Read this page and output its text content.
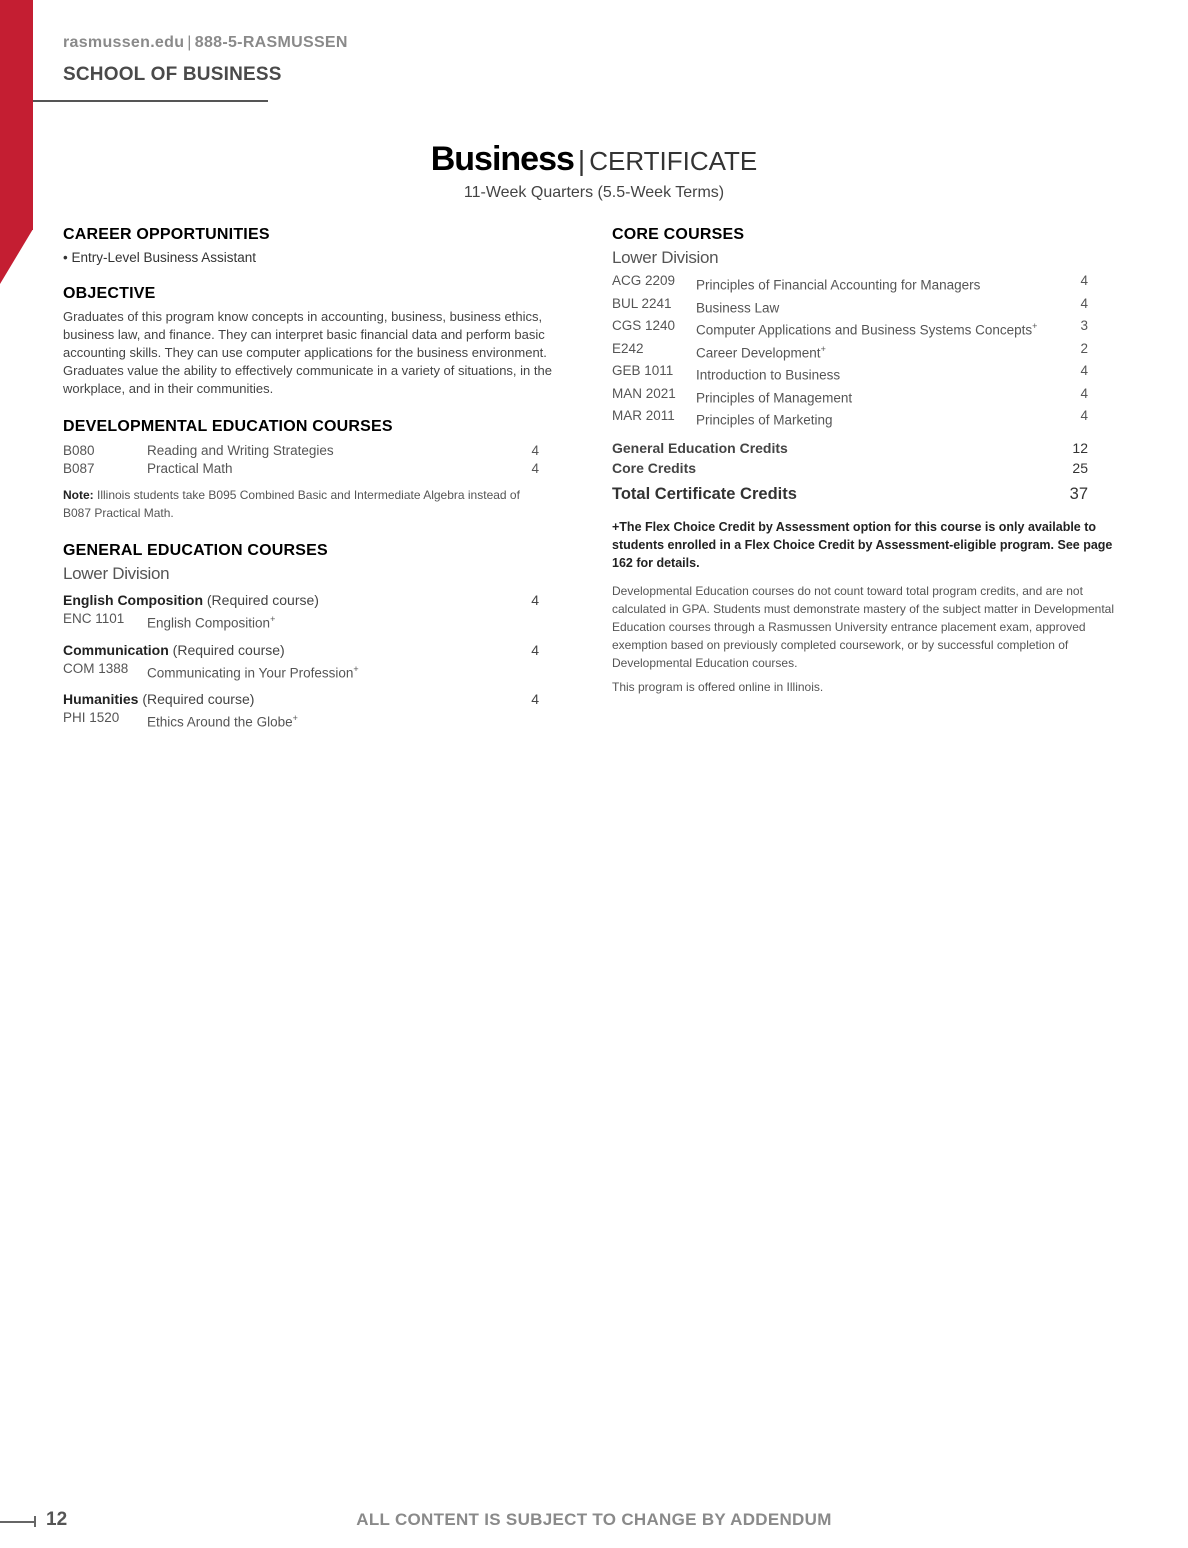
rasmussen.edu | 888-5-RASMUSSEN
SCHOOL OF BUSINESS
Business | CERTIFICATE
11-Week Quarters (5.5-Week Terms)
CAREER OPPORTUNITIES
• Entry-Level Business Assistant
OBJECTIVE
Graduates of this program know concepts in accounting, business, business ethics, business law, and finance. They can interpret basic financial data and perform basic accounting skills. They can use computer applications for the business environment. Graduates value the ability to effectively communicate in a variety of situations, in the workplace, and in their communities.
DEVELOPMENTAL EDUCATION COURSES
B080	Reading and Writing Strategies	4
B087	Practical Math	4
Note: Illinois students take B095 Combined Basic and Intermediate Algebra instead of B087 Practical Math.
GENERAL EDUCATION COURSES
Lower Division
English Composition (Required course)	4
ENC 1101	English Composition+
Communication (Required course)	4
COM 1388	Communicating in Your Profession+
Humanities (Required course)	4
PHI 1520	Ethics Around the Globe+
CORE COURSES
Lower Division
ACG 2209	Principles of Financial Accounting for Managers	4
BUL 2241	Business Law	4
CGS 1240	Computer Applications and Business Systems Concepts+	3
E242	Career Development+	2
GEB 1011	Introduction to Business	4
MAN 2021	Principles of Management	4
MAR 2011	Principles of Marketing	4
General Education Credits	12
Core Credits	25
Total Certificate Credits	37
+The Flex Choice Credit by Assessment option for this course is only available to students enrolled in a Flex Choice Credit by Assessment-eligible program. See page 162 for details.
Developmental Education courses do not count toward total program credits, and are not calculated in GPA. Students must demonstrate mastery of the subject matter in Developmental Education courses through a Rasmussen University entrance placement exam, approved exemption based on previously completed coursework, or by successful completion of Developmental Education courses.
This program is offered online in Illinois.
12	ALL CONTENT IS SUBJECT TO CHANGE BY ADDENDUM
